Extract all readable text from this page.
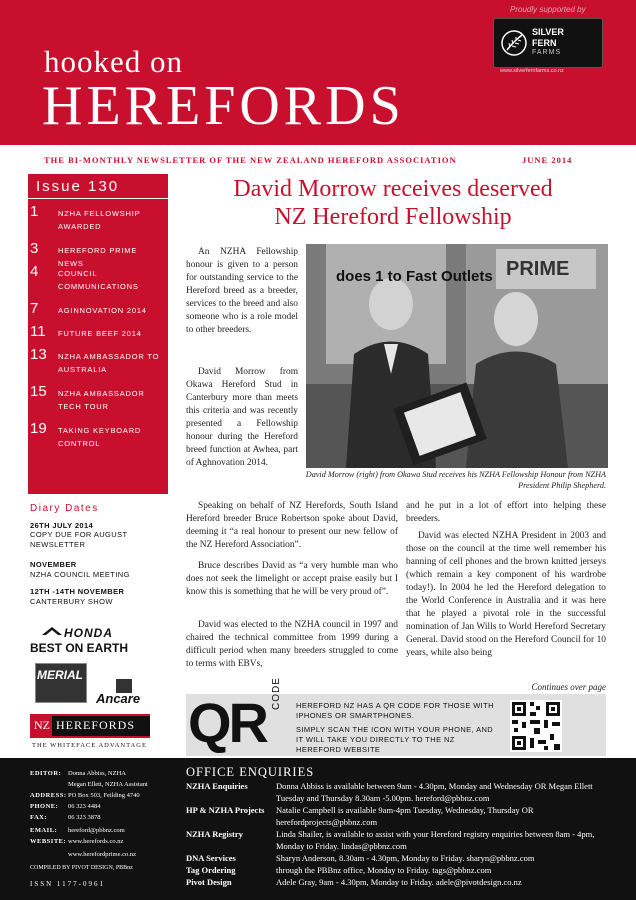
hooked on
HEREFORDS
Proudly supported by
SILVER
FERN
FARMS
www.silverfernfarms.co.nz
THE BI-MONTHLY NEWSLETTER OF THE NEW ZEALAND HEREFORD ASSOCIATION	JUNE 2014
Issue 130
1	NZHA FELLOWSHIP AWARDED
3	HEREFORD PRIME NEWS
4	COUNCIL COMMUNICATIONS
7	AGINNOVATION 2014
11 FUTURE BEEF 2014
13 NZHA AMBASSADOR TO AUSTRALIA
15 NZHA AMBASSADOR TECH TOUR
19 TAKING KEYBOARD CONTROL
Diary Dates
26TH JULY 2014
COPY DUE FOR AUGUST NEWSLETTER
NOVEMBER
NZHA COUNCIL MEETING
12TH -14TH NOVEMBER
CANTERBURY SHOW
HONDA
BEST ON EARTH
MERIAL
Ancare
NZ HEREFORDS
THE WHITEFACE ADVANTAGE
David Morrow receives deserved
NZ Hereford Fellowship
An NZHA Fellowship honour is given to a person for outstanding service to the Hereford breed as a breeder, services to the breed and also someone who is a role model to other breeders.
David Morrow from Okawa Hereford Stud in Canterbury more than meets this criteria and was recently presented a Fellowship honour during the Hereford breed function at Awhea, part of Aghnovation 2014.
does 1 to Fast Outlets PRIME
David Morrow (right) from Okawa Stud receives his NZHA Fellowship Honour from NZHA President Philip Shepherd.
Speaking on behalf of NZ Herefords, South Island Hereford breeder Bruce Robertson spoke about David, deeming it “a real honour to present our new fellow of the NZ Hereford Association”.
Bruce describes David as “a very humble man who does not seek the limelight or accept praise easily but I know this is something that he will be very proud of”.
David was elected to the NZHA council in 1997 and chaired the technical committee from 1999 during a difficult period when many breeders struggled to come to terms with EBVs,
and he put in a lot of effort into helping these breeders.
David was elected NZHA President in 2003 and those on the council at the time well remember his banning of cell phones and the brown knitted jerseys (which remain a key component of his wardrobe today!). In 2004 he led the Hereford delegation to the World Conference in Australia and it was here that he played a pivotal role in the successful nomination of Jan Wills to World Hereford Secretary General. David stood on the Hereford Council for 10 years, while also being
Continues over page
QR CODE HEREFORD NZ HAS A QR CODE FOR THOSE WITH IPHONES OR SMARTPHONES.
SIMPLY SCAN THE ICON WITH YOUR PHONE, AND IT WILL TAKE YOU DIRECTLY TO THE NZ HEREFORD WEBSITE
EDITOR: Donna Abbiss, NZHA
Megan Ellett, NZHA Assistant
ADDRESS: PO Box 503, Feilding 4740
PHONE: 06 323 4484
FAX:	06 323 3878
EMAIL: hereford@pbbnz.com
WEBSITE: www.herefords.co.nz
www.herefordprime.co.nz
COMPILED BY PIVOT DESIGN, PBBnz
ISSN 1177-0961
OFFICE ENQUIRIES
NZHA Enquiries	Donna Abbiss is available between 9am - 4.30pm, Monday and Wednesday OR Megan Ellett Tuesday and Thursday 8.30am -5.00pm. hereford@pbbnz.com
HP & NZHA Projects Natalie Campbell is available 9am-4pm Tuesday, Wednesday, Thursday OR herefordprojects@pbbnz.com
NZHA Registry	Linda Shailer, is available to assist with your Hereford registry enquiries between 8am - 4pm, Monday to Friday. lindas@pbbnz.com
DNA Services	Sharyn Anderson, 8.30am - 4.30pm, Monday to Friday. sharyn@pbbnz.com
Tag Ordering	through the PBBnz office, Monday to Friday. tags@pbbnz.com
Pivot Design	Adele Gray, 9am - 4.30pm, Monday to Friday. adele@pivotdesign.co.nz
